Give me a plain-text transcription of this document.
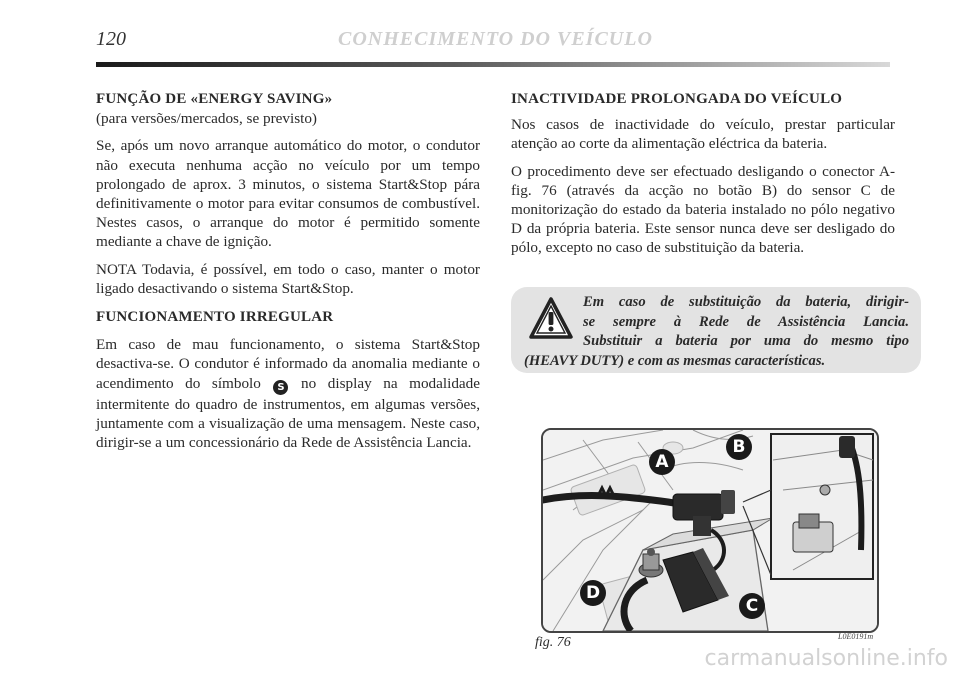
120	CONHECIMENTO DO VEÍCULO
FUNÇÃO DE «ENERGY SAVING»

(para versões/mercados, se previsto)

Se, após um novo arranque automático do motor, o condutor não executa nenhuma acção no veículo por um tempo prolongado de aprox. 3 minutos, o sistema Start&Stop pára definitivamente o motor para evitar consumos de combustível. Nestes casos, o arranque do motor é permitido somente mediante a chave de ignição.

NOTA Todavia, é possível, em todo o caso, manter o motor ligado desactivando o sistema Start&Stop.

FUNCIONAMENTO IRREGULAR

Em caso de mau funcionamento, o sistema Start&Stop desactiva-se. O condutor é informado da anomalia mediante o acendimento do símbolo S no display na modalidade intermitente do quadro de instrumentos, em algumas versões, juntamente com a visualização de uma mensagem. Neste caso, dirigir-se a um concessionário da Rede de Assistência Lancia.

INACTIVIDADE PROLONGADA DO VEÍCULO

Nos casos de inactividade do veículo, prestar particular atenção ao corte da alimentação eléctrica da bateria.

O procedimento deve ser efectuado desligando o conector A-fig. 76 (através da acção no botão B) do sensor C de monitorização do estado da bateria instalado no pólo negativo D da própria bateria. Este sensor nunca deve ser desligado do pólo, excepto no caso de substituição da bateria.

Em caso de substituição da bateria, dirigir-
se sempre à Rede de Assistência Lancia.
Substituir a bateria por uma do mesmo tipo
(HEAVY DUTY) e com as mesmas características.
A
B
C
D
fig. 76	L0E0191m
carmanualsonline.info
